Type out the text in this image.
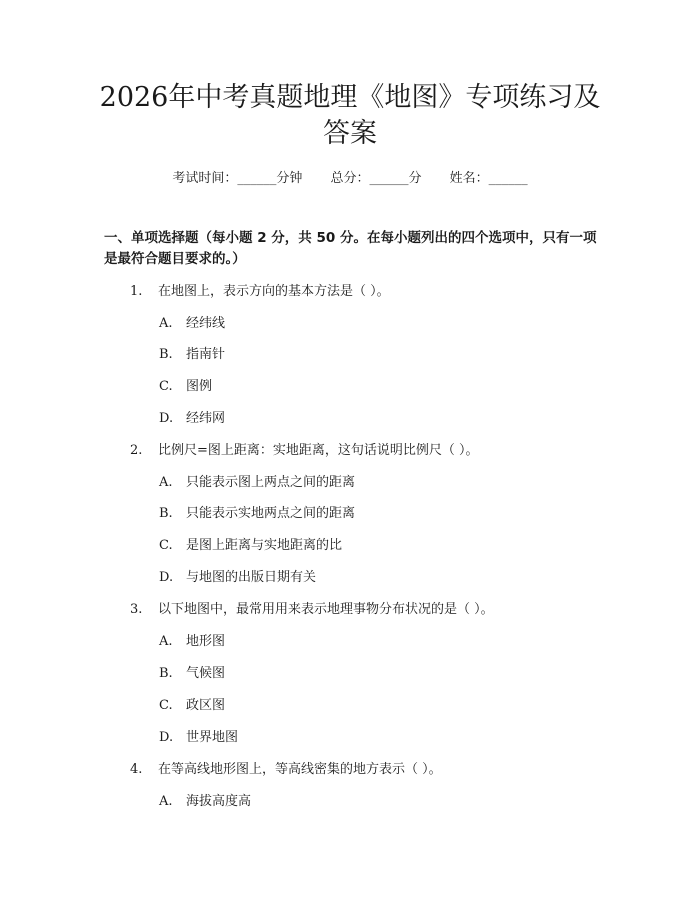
2026年中考真题地理《地图》专项练习及答案
考试时间：______分钟 总分：______分 姓名：______
一、单项选择题（每小题 2 分，共 50 分。在每小题列出的四个选项中，只有一项是最符合题目要求的。）
1. 在地图上，表示方向的基本方法是（ ）。
A. 经纬线
B. 指南针
C. 图例
D. 经纬网
2. 比例尺=图上距离：实地距离，这句话说明比例尺（ ）。
A. 只能表示图上两点之间的距离
B. 只能表示实地两点之间的距离
C. 是图上距离与实地距离的比
D. 与地图的出版日期有关
3. 以下地图中，最常用用来表示地理事物分布状况的是（ ）。
A. 地形图
B. 气候图
C. 政区图
D. 世界地图
4. 在等高线地形图上，等高线密集的地方表示（ ）。
A. 海拔高度高
